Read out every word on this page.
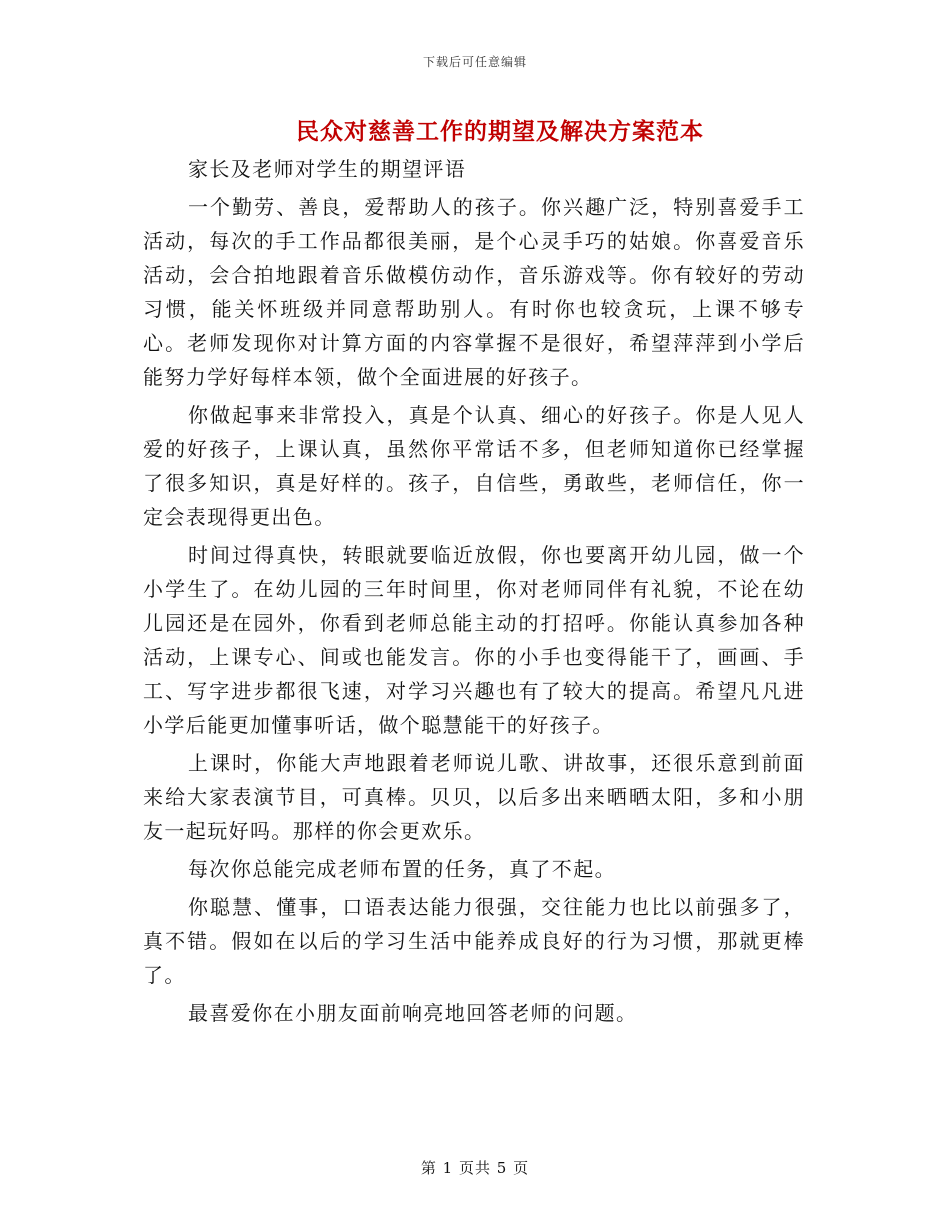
下载后可任意编辑
民众对慈善工作的期望及解决方案范本

家长及老师对学生的期望评语

一个勤劳、善良，爱帮助人的孩子。你兴趣广泛，特别喜爱手工活动，每次的手工作品都很美丽，是个心灵手巧的姑娘。你喜爱音乐活动，会合拍地跟着音乐做模仿动作，音乐游戏等。你有较好的劳动习惯，能关怀班级并同意帮助别人。有时你也较贪玩，上课不够专心。老师发现你对计算方面的内容掌握不是很好，希望萍萍到小学后能努力学好每样本领，做个全面进展的好孩子。

你做起事来非常投入，真是个认真、细心的好孩子。你是人见人爱的好孩子，上课认真，虽然你平常话不多，但老师知道你已经掌握了很多知识，真是好样的。孩子，自信些，勇敢些，老师信任，你一定会表现得更出色。

时间过得真快，转眼就要临近放假，你也要离开幼儿园，做一个小学生了。在幼儿园的三年时间里，你对老师同伴有礼貌，不论在幼儿园还是在园外，你看到老师总能主动的打招呼。你能认真参加各种活动，上课专心、间或也能发言。你的小手也变得能干了，画画、手工、写字进步都很飞速，对学习兴趣也有了较大的提高。希望凡凡进小学后能更加懂事听话，做个聪慧能干的好孩子。

上课时，你能大声地跟着老师说儿歌、讲故事，还很乐意到前面来给大家表演节目，可真棒。贝贝，以后多出来晒晒太阳，多和小朋友一起玩好吗。那样的你会更欢乐。

每次你总能完成老师布置的任务，真了不起。

你聪慧、懂事，口语表达能力很强，交往能力也比以前强多了，真不错。假如在以后的学习生活中能养成良好的行为习惯，那就更棒了。

最喜爱你在小朋友面前响亮地回答老师的问题。

第 1 页共 5 页
